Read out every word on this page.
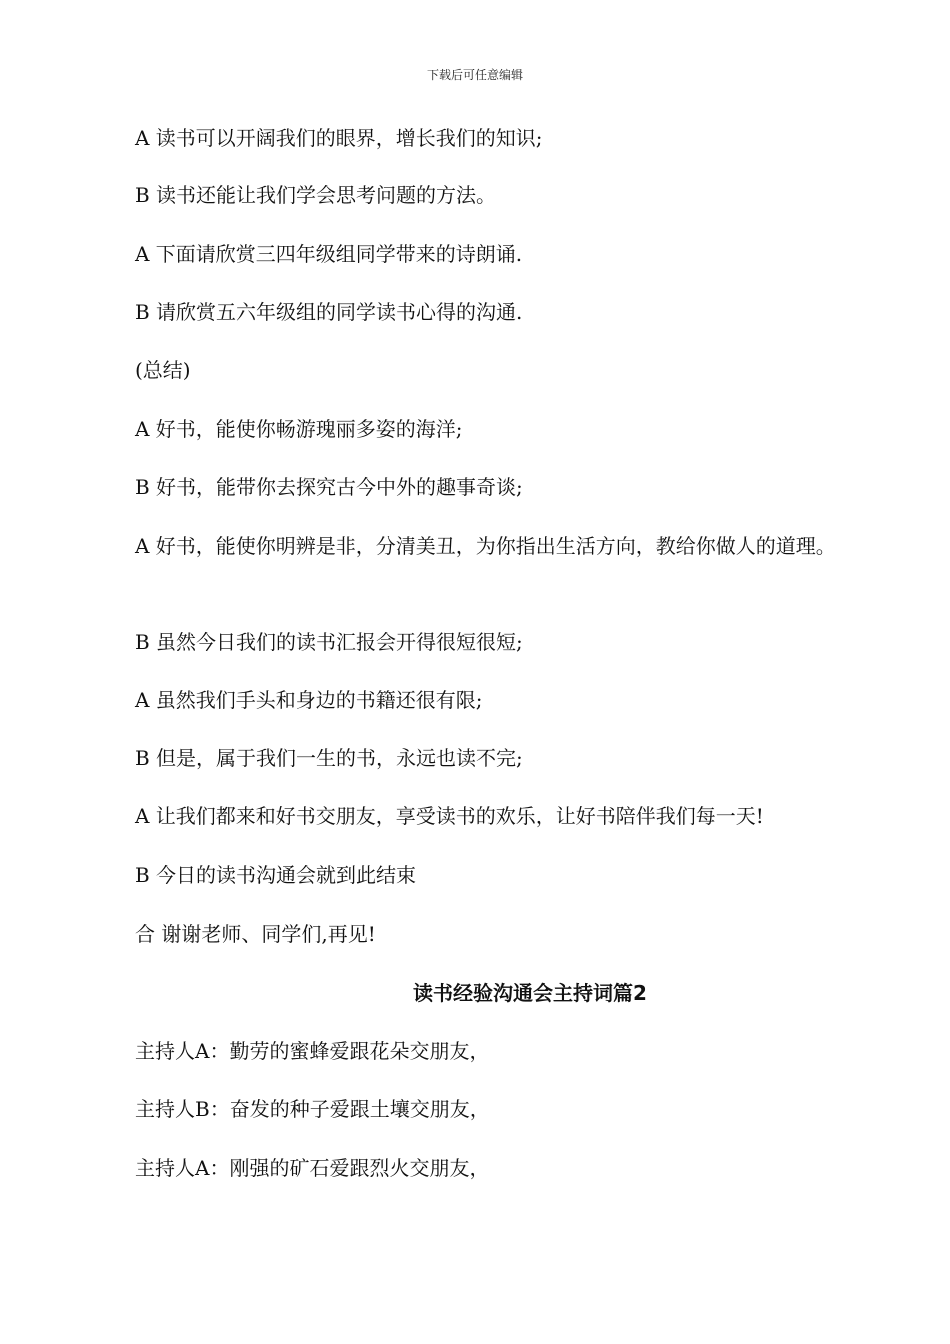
下载后可任意编辑
A 读书可以开阔我们的眼界，增长我们的知识;
B 读书还能让我们学会思考问题的方法。
A 下面请欣赏三四年级组同学带来的诗朗诵.
B 请欣赏五六年级组的同学读书心得的沟通.
(总结)
A 好书，能使你畅游瑰丽多姿的海洋;
B 好书，能带你去探究古今中外的趣事奇谈;
A 好书，能使你明辨是非，分清美丑，为你指出生活方向，教给你做人的道理。
B 虽然今日我们的读书汇报会开得很短很短;
A 虽然我们手头和身边的书籍还很有限;
B 但是，属于我们一生的书，永远也读不完;
A 让我们都来和好书交朋友，享受读书的欢乐，让好书陪伴我们每一天!
B 今日的读书沟通会就到此结束
合 谢谢老师、同学们,再见!
读书经验沟通会主持词篇2
主持人A：勤劳的蜜蜂爱跟花朵交朋友，
主持人B：奋发的种子爱跟土壤交朋友，
主持人A：刚强的矿石爱跟烈火交朋友，
